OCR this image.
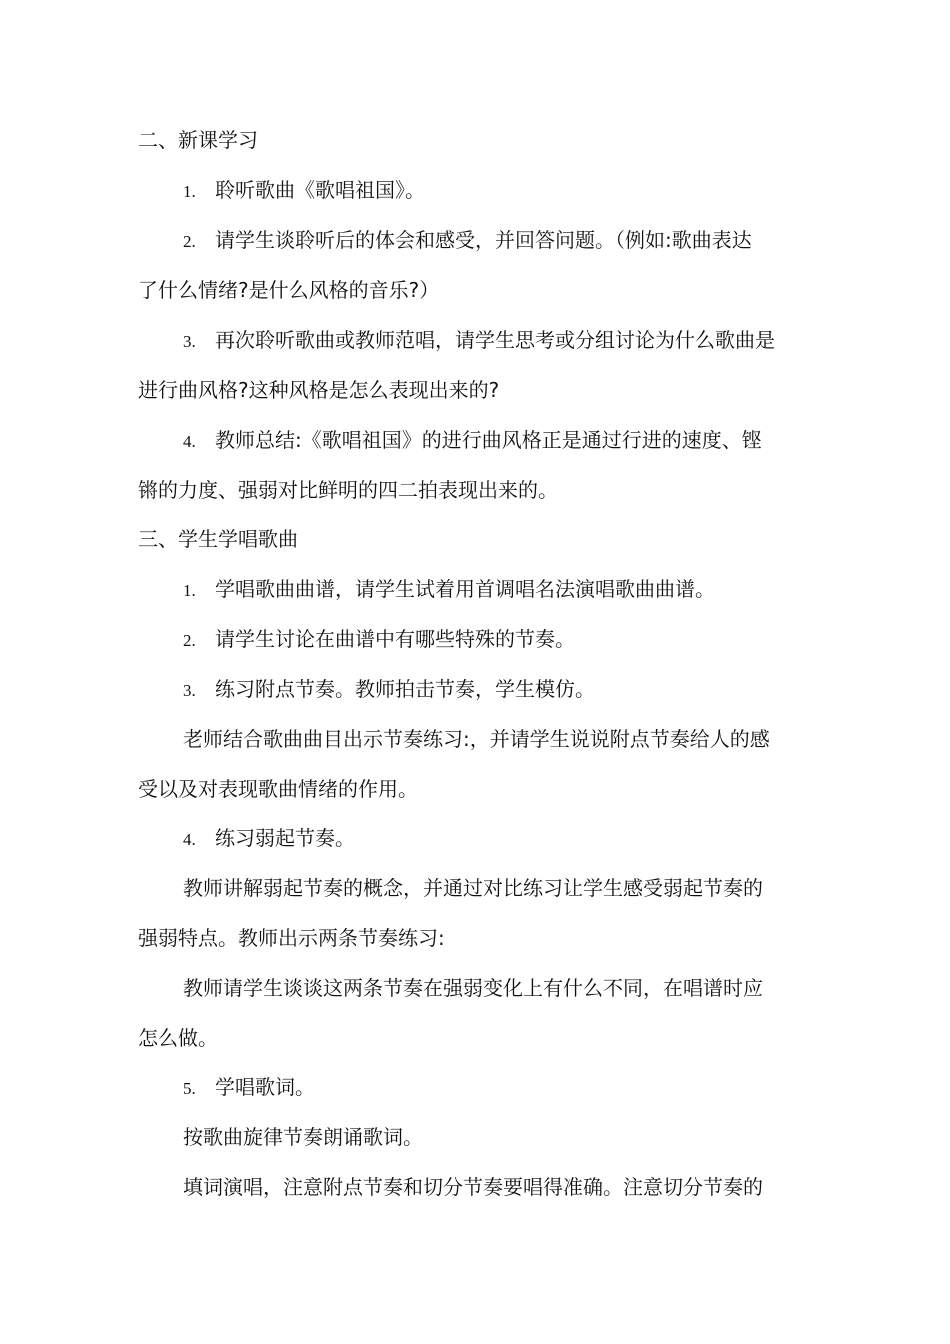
二、新课学习
1. 聆听歌曲《歌唱祖国》。
2. 请学生谈聆听后的体会和感受，并回答问题。（例如:歌曲表达
了什么情绪?是什么风格的音乐?）
3. 再次聆听歌曲或教师范唱，请学生思考或分组讨论为什么歌曲是
进行曲风格?这种风格是怎么表现出来的?
4. 教师总结:《歌唱祖国》的进行曲风格正是通过行进的速度、铿
锵的力度、强弱对比鲜明的四二拍表现出来的。
三、学生学唱歌曲
1. 学唱歌曲曲谱，请学生试着用首调唱名法演唱歌曲曲谱。
2. 请学生讨论在曲谱中有哪些特殊的节奏。
3. 练习附点节奏。教师拍击节奏，学生模仿。
老师结合歌曲曲目出示节奏练习:，并请学生说说附点节奏给人的感
受以及对表现歌曲情绪的作用。
4. 练习弱起节奏。
教师讲解弱起节奏的概念，并通过对比练习让学生感受弱起节奏的
强弱特点。教师出示两条节奏练习:
教师请学生谈谈这两条节奏在强弱变化上有什么不同，在唱谱时应
怎么做。
5. 学唱歌词。
按歌曲旋律节奏朗诵歌词。
填词演唱，注意附点节奏和切分节奏要唱得准确。注意切分节奏的
